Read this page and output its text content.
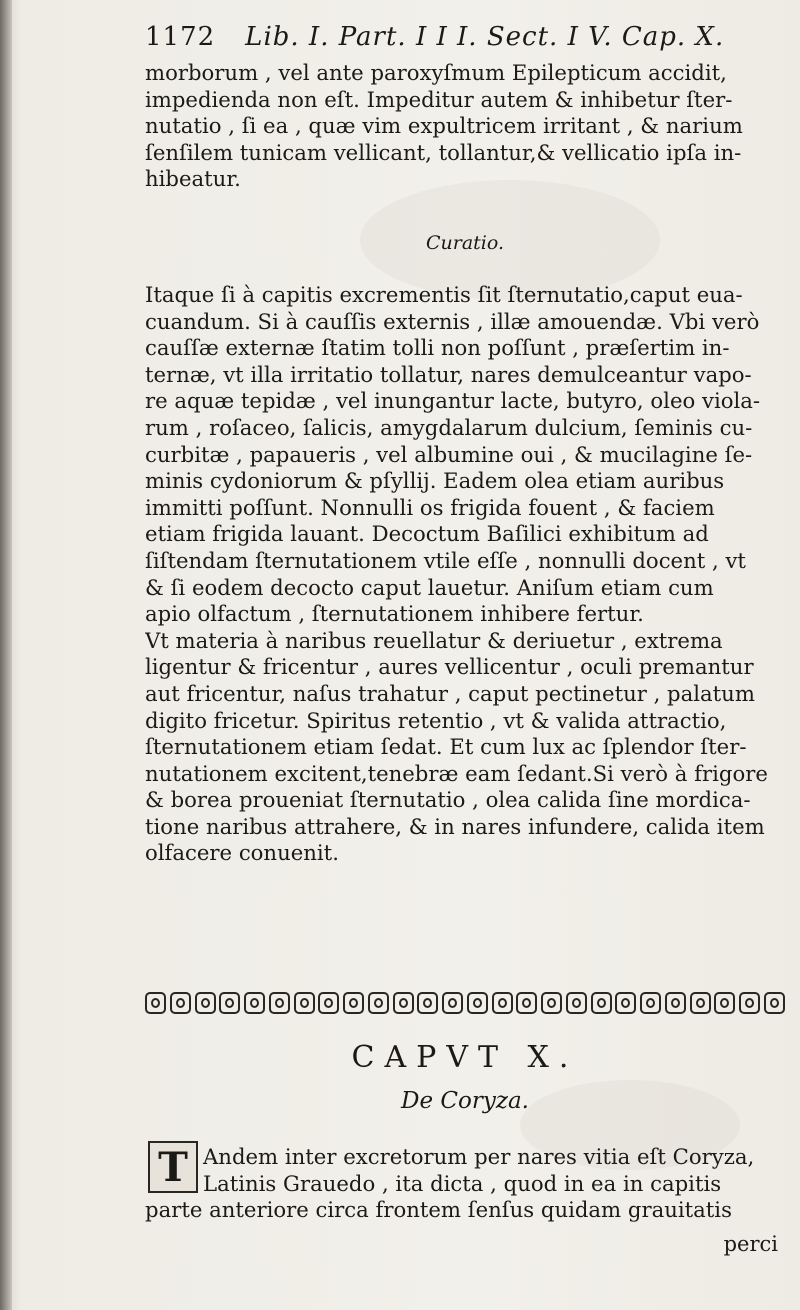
1172 Lib. I. Part. I I I. Sect. I V. Cap. X.
morborum , vel ante paroxyſmum Epilepticum accidit,
impedienda non eſt. Impeditur autem & inhibetur ſter-
nutatio , ſi ea , quæ vim expultricem irritant , & narium
ſenſilem tunicam vellicant, tollantur,& vellicatio ipſa in-
hibeatur.
Curatio.
Itaque ſi à capitis excrementis ſit ſternutatio,caput eua-
cuandum. Si à cauſſis externis , illæ amouendæ. Vbi verò
cauſſæ externæ ſtatim tolli non poſſunt , præſertim in-
ternæ, vt illa irritatio tollatur, nares demulceantur vapo-
re aquæ tepidæ , vel inungantur lacte, butyro, oleo viola-
rum , roſaceo, ſalicis, amygdalarum dulcium, ſeminis cu-
curbitæ , papaueris , vel albumine oui , & mucilagine ſe-
minis cydoniorum & pſyllij. Eadem olea etiam auribus
immitti poſſunt. Nonnulli os frigida fouent , & faciem
etiam frigida lauant. Decoctum Baſilici exhibitum ad
ſiſtendam ſternutationem vtile eſſe , nonnulli docent , vt
& ſi eodem decocto caput lauetur. Aniſum etiam cum
apio olfactum , ſternutationem inhibere fertur.
Vt materia à naribus reuellatur & deriuetur , extrema
ligentur & fricentur , aures vellicentur , oculi premantur
aut fricentur, naſus trahatur , caput pectinetur , palatum
digito fricetur. Spiritus retentio , vt & valida attractio,
ſternutationem etiam ſedat. Et cum lux ac ſplendor ſter-
nutationem excitent,tenebræ eam ſedant.Si verò à frigore
& borea proueniat ſternutatio , olea calida ſine mordica-
tione naribus attrahere, & in nares infundere, calida item
olfacere conuenit.
CAPVT X.
De Coryza.
T Andem inter excretorum per nares vitia eſt Coryza,
Latinis Grauedo , ita dicta , quod in ea in capitis
parte anteriore circa frontem ſenſus quidam grauitatis
perci
